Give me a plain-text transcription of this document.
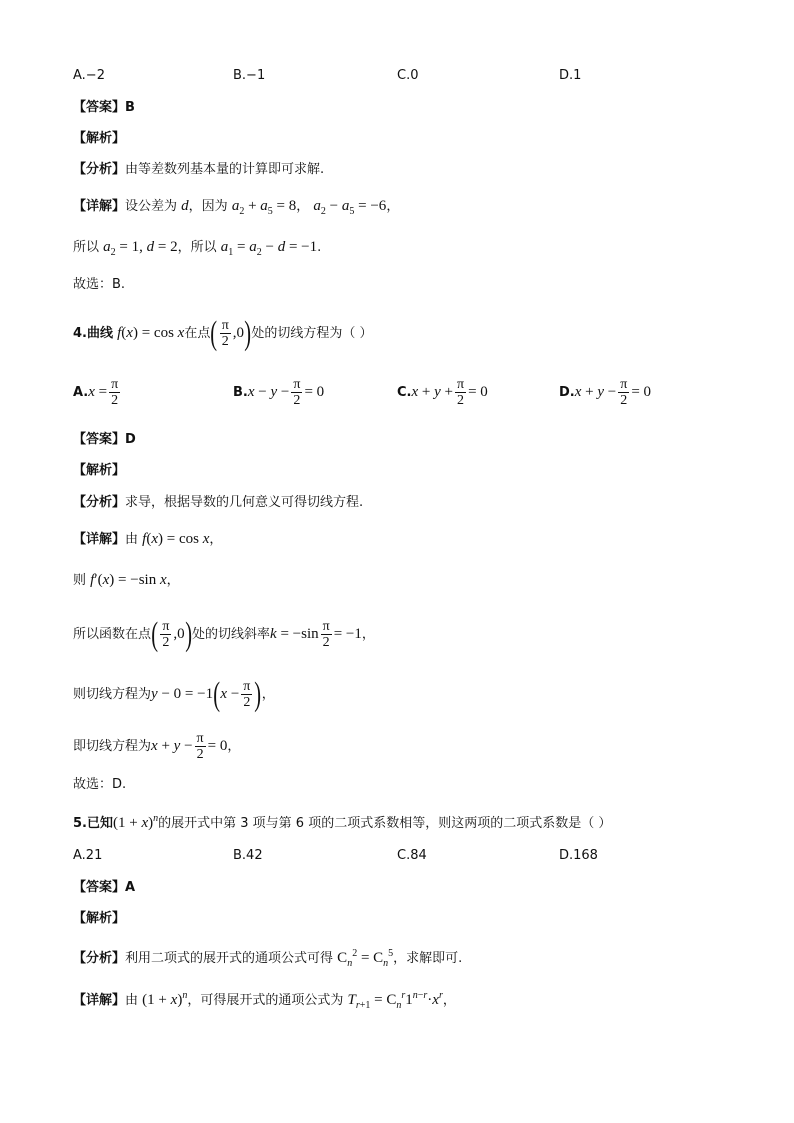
A.−2	B.−1	C.0	D.1
【答案】B
【解析】
【分析】由等差数列基本量的计算即可求解.
【详解】设公差为 d，因为 $a_2 + a_5 = 8$， $a_2 - a_5 = -6$，
所以 $a_2 = 1$, d = 2，所以 $a_1 = a_2 - d = -1$.
故选：B.
4.曲线 f(x) = cos x在点( $\frac{\pi}{2} ,0$)处的切线方程为（ ）
$A.x = \frac{\pi}{2}$	$B.x - y - \frac{\pi}{2} = 0$	$C.x + y + \frac{\pi}{2} = 0$	$D.x + y - \frac{\pi}{2} = 0$
【答案】D
【解析】
【分析】求导，根据导数的几何意义可得切线方程.
【详解】由 f(x) = cos x，
则 f′(x) = −sin x，
所以函数在点( $\frac{\pi}{2} ,0$)处的切线斜率$k = -\sin \frac{\pi}{2} = -1$，
则切线方程为$y - 0 = -1(x - \frac{\pi}{2}$ )，
即切线方程为$x + y - \frac{\pi}{2} = 0$，
故选：D.
5.已知$(1 + x)^n$的展开式中第 3 项与第 6 项的二项式系数相等，则这两项的二项式系数是（ ）
A.21	B.42	C.84	D.168
【答案】A
【解析】
【分析】利用二项式的展开式的通项公式可得 $C_n^2 = C_n^5$，求解即可.
【详解】由 $(1 + x)^n$，可得展开式的通项公式为 $T_{r+1} = C_n^r1^{n-r}\cdot x^r$，
